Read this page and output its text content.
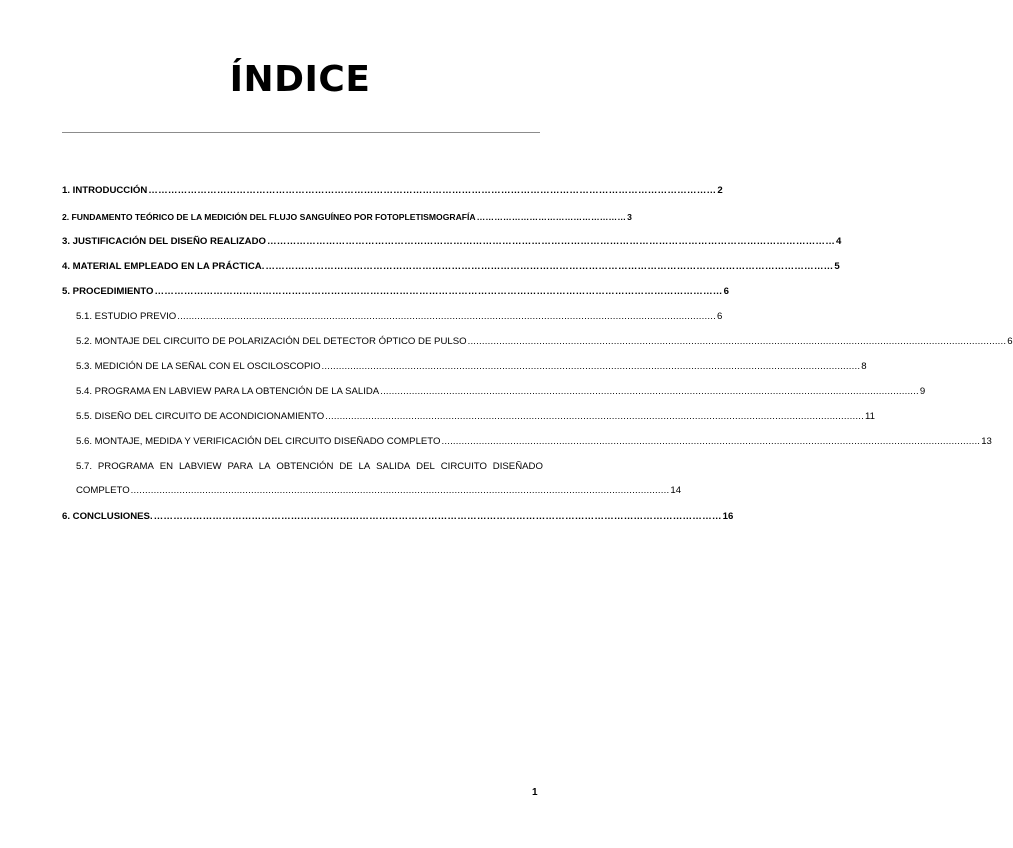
ÍNDICE
1. INTRODUCCIÓN ………………………………………………………………………………………………………………………………………………………… 2
2. FUNDAMENTO TEÓRICO DE LA MEDICIÓN DEL FLUJO SANGUÍNEO POR FOTOPLETISMOGRAFÍA …………………………………………… 3
3. JUSTIFICACIÓN DEL DISEÑO REALIZADO ………………………………………………………………………………………………………………………………………………………… 4
4. MATERIAL EMPLEADO EN LA PRÁCTICA. ………………………………………………………………………………………………………………………………………………………… 5
5. PROCEDIMIENTO ………………………………………………………………………………………………………………………………………………………… 6
5.1. ESTUDIO PREVIO ............................................................................................................................................................................................ 6
5.2. MONTAJE DEL CIRCUITO DE POLARIZACIÓN DEL DETECTOR ÓPTICO DE PULSO ............................................................................................................................................................................................ 6
5.3. MEDICIÓN DE LA SEÑAL CON EL OSCILOSCOPIO ............................................................................................................................................................................................ 8
5.4. PROGRAMA EN LABVIEW PARA LA OBTENCIÓN DE LA SALIDA ............................................................................................................................................................................................ 9
5.5. DISEÑO DEL CIRCUITO DE ACONDICIONAMIENTO ............................................................................................................................................................................................ 11
5.6. MONTAJE, MEDIDA Y VERIFICACIÓN DEL CIRCUITO DISEÑADO COMPLETO ............................................................................................................................................................................................ 13
5.7. PROGRAMA EN LABVIEW PARA LA OBTENCIÓN DE LA SALIDA DEL CIRCUITO DISEÑADO
COMPLETO ............................................................................................................................................................................................ 14
6. CONCLUSIONES. ………………………………………………………………………………………………………………………………………………………… 16
1
